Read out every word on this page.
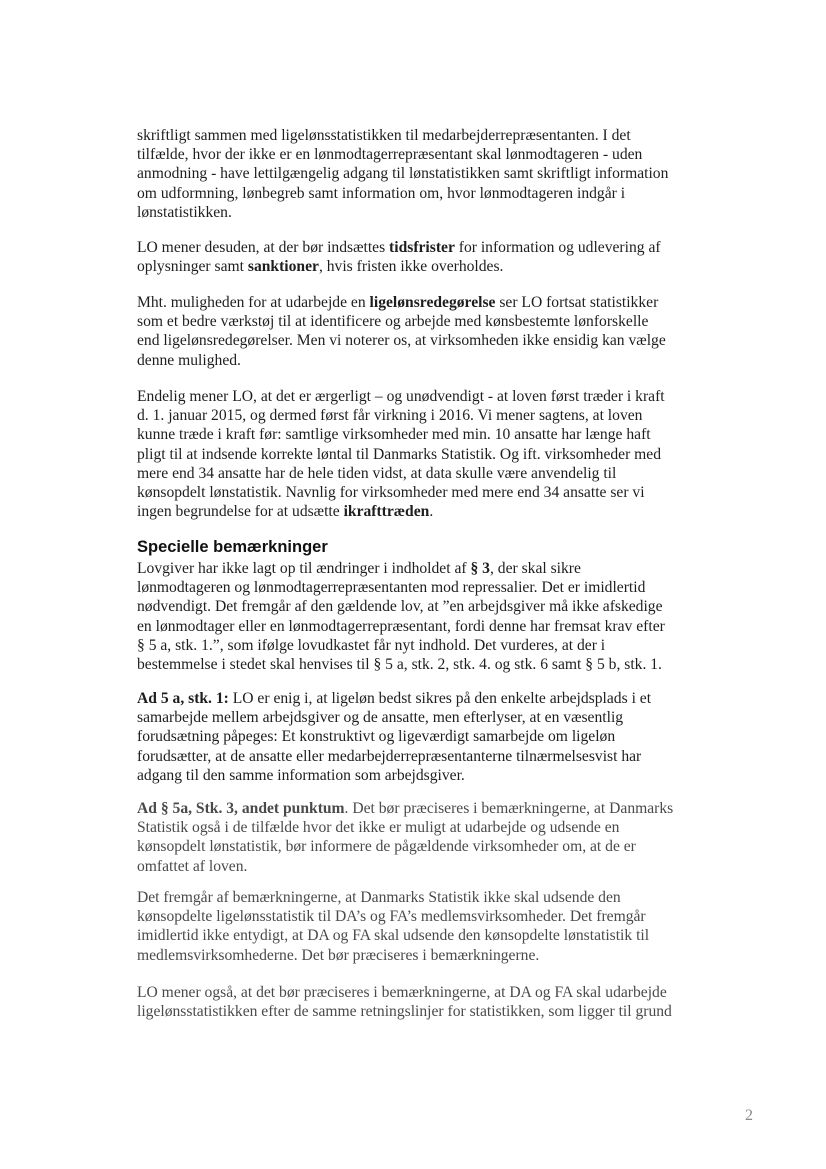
skriftligt sammen med ligelønsstatistikken til medarbejderrepræsentanten. I det
tilfælde, hvor der ikke er en lønmodtagerrepræsentant skal lønmodtageren - uden
anmodning - have lettilgængelig adgang til lønstatistikken samt skriftligt information
om udformning, lønbegreb samt information om, hvor lønmodtageren indgår i
lønstatistikken.
LO mener desuden, at der bør indsættes tidsfrister for information og udlevering af
oplysninger samt sanktioner, hvis fristen ikke overholdes.
Mht. muligheden for at udarbejde en ligelønsredegørelse ser LO fortsat statistikker
som et bedre værkstøj til at identificere og arbejde med kønsbestemte lønforskelle
end ligelønsredegørelser. Men vi noterer os, at virksomheden ikke ensidig kan vælge
denne mulighed.
Endelig mener LO, at det er ærgerligt – og unødvendigt - at loven først træder i kraft
d. 1. januar 2015, og dermed først får virkning i 2016. Vi mener sagtens, at loven
kunne træde i kraft før: samtlige virksomheder med min. 10 ansatte har længe haft
pligt til at indsende korrekte løntal til Danmarks Statistik. Og ift. virksomheder med
mere end 34 ansatte har de hele tiden vidst, at data skulle være anvendelig til
kønsopdelt lønstatistik. Navnlig for virksomheder med mere end 34 ansatte ser vi
ingen begrundelse for at udsætte ikrafttræden.
Specielle bemærkninger
Lovgiver har ikke lagt op til ændringer i indholdet af § 3, der skal sikre
lønmodtageren og lønmodtagerrepræsentanten mod repressalier. Det er imidlertid
nødvendigt. Det fremgår af den gældende lov, at ”en arbejdsgiver må ikke afskedige
en lønmodtager eller en lønmodtagerrepræsentant, fordi denne har fremsat krav efter
§ 5 a, stk. 1.”, som ifølge lovudkastet får nyt indhold. Det vurderes, at der i
bestemmelse i stedet skal henvises til § 5 a, stk. 2, stk. 4. og stk. 6 samt § 5 b, stk. 1.
Ad 5 a, stk. 1: LO er enig i, at ligeløn bedst sikres på den enkelte arbejdsplads i et
samarbejde mellem arbejdsgiver og de ansatte, men efterlyser, at en væsentlig
forudsætning påpeges: Et konstruktivt og ligeværdigt samarbejde om ligeløn
forudsætter, at de ansatte eller medarbejderrepræsentanterne tilnærmelsesvist har
adgang til den samme information som arbejdsgiver.
Ad § 5a, Stk. 3, andet punktum. Det bør præciseres i bemærkningerne, at Danmarks
Statistik også i de tilfælde hvor det ikke er muligt at udarbejde og udsende en
kønsopdelt lønstatistik, bør informere de pågældende virksomheder om, at de er
omfattet af loven.
Det fremgår af bemærkningerne, at Danmarks Statistik ikke skal udsende den
kønsopdelte ligelønsstatistik til DA’s og FA’s medlemsvirksomheder. Det fremgår
imidlertid ikke entydigt, at DA og FA skal udsende den kønsopdelte lønstatistik til
medlemsvirksomhederne. Det bør præciseres i bemærkningerne.
LO mener også, at det bør præciseres i bemærkningerne, at DA og FA skal udarbejde
ligelønsstatistikken efter de samme retningslinjer for statistikken, som ligger til grund
2
